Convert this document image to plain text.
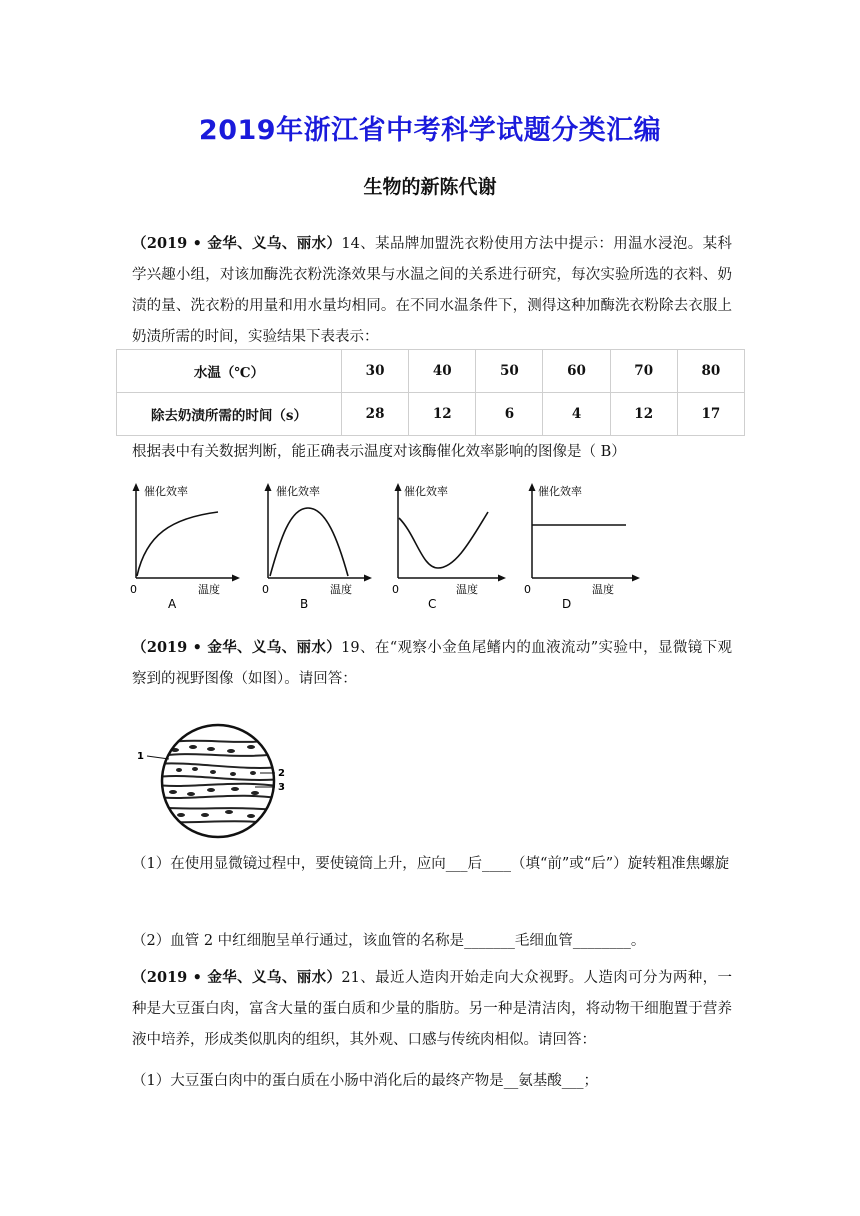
2019年浙江省中考科学试题分类汇编
生物的新陈代谢
（2019 • 金华、义乌、丽水）14、某品牌加盟洗衣粉使用方法中提示：用温水浸泡。某科学兴趣小组，对该加酶洗衣粉洗涤效果与水温之间的关系进行研究，每次实验所选的衣料、奶渍的量、洗衣粉的用量和用水量均相同。在不同水温条件下，测得这种加酶洗衣粉除去衣服上奶渍所需的时间，实验结果下表表示：
水温（℃）	30	40	50	60	70	80
除去奶渍所需的时间（s）	28	12	6	4	12	17
根据表中有关数据判断，能正确表示温度对该酶催化效率影响的图像是（ B）
催化效率
温度
0
A
催化效率
温度
0
B
催化效率
温度
0
C
催化效率
温度
0
D
（2019 • 金华、义乌、丽水）19、在“观察小金鱼尾鳍内的血液流动”实验中，显微镜下观察到的视野图像（如图）。请回答：
1
2
3
（1）在使用显微镜过程中，要使镜筒上升，应向___后____（填“前”或“后”）旋转粗准焦螺旋
（2）血管 2 中红细胞呈单行通过，该血管的名称是_______毛细血管________。
（2019 • 金华、义乌、丽水）21、最近人造肉开始走向大众视野。人造肉可分为两种，一种是大豆蛋白肉，富含大量的蛋白质和少量的脂肪。另一种是清洁肉，将动物干细胞置于营养液中培养，形成类似肌肉的组织，其外观、口感与传统肉相似。请回答：
（1）大豆蛋白肉中的蛋白质在小肠中消化后的最终产物是__氨基酸___；
